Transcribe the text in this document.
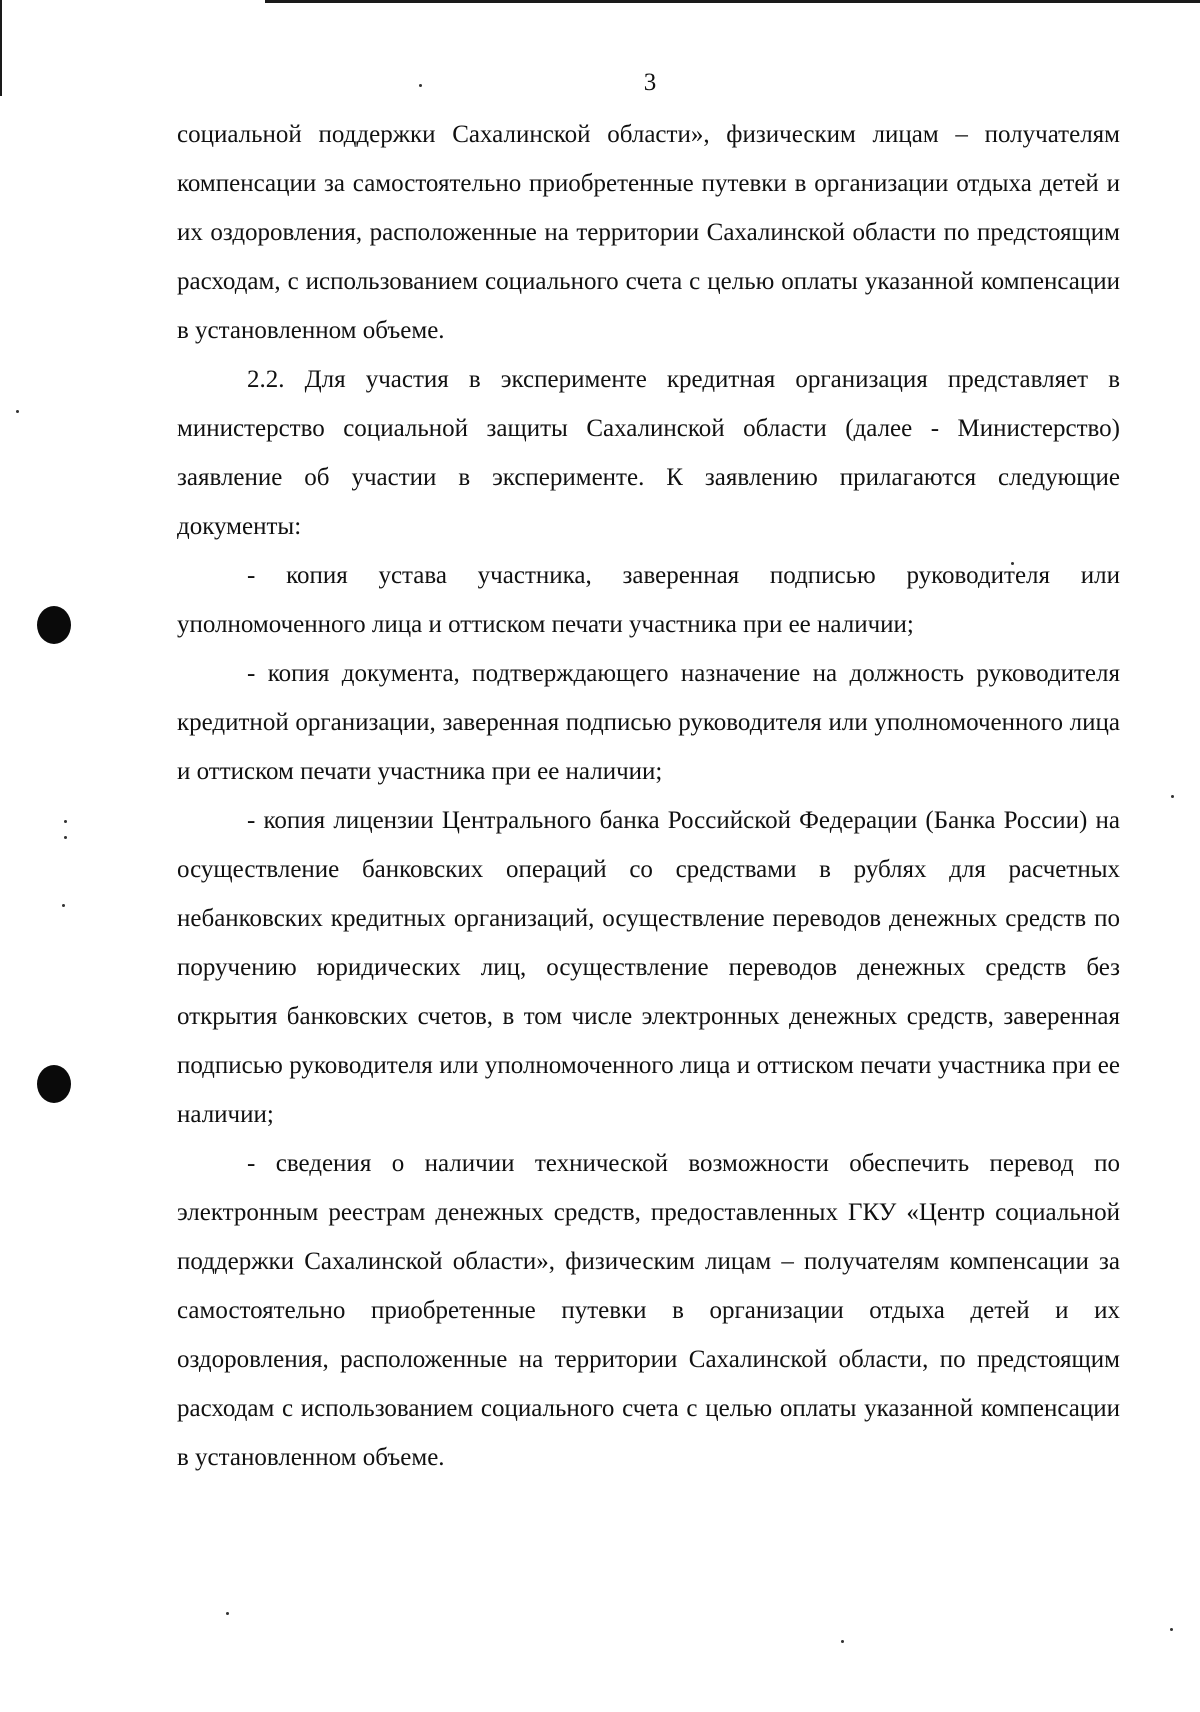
3

социальной поддержки Сахалинской области», физическим лицам – получателям компенсации за самостоятельно приобретенные путевки в организации отдыха детей и их оздоровления, расположенные на территории Сахалинской области по предстоящим расходам, с использованием социального счета с целью оплаты указанной компенсации в установленном объеме.

2.2. Для участия в эксперименте кредитная организация представляет в министерство социальной защиты Сахалинской области (далее - Министерство) заявление об участии в эксперименте. К заявлению прилагаются следующие документы:

- копия устава участника, заверенная подписью руководителя или уполномоченного лица и оттиском печати участника при ее наличии;

- копия документа, подтверждающего назначение на должность руководителя кредитной организации, заверенная подписью руководителя или уполномоченного лица и оттиском печати участника при ее наличии;

- копия лицензии Центрального банка Российской Федерации (Банка России) на осуществление банковских операций со средствами в рублях для расчетных небанковских кредитных организаций, осуществление переводов денежных средств по поручению юридических лиц, осуществление переводов денежных средств без открытия банковских счетов, в том числе электронных денежных средств, заверенная подписью руководителя или уполномоченного лица и оттиском печати участника при ее наличии;

- сведения о наличии технической возможности обеспечить перевод по электронным реестрам денежных средств, предоставленных ГКУ «Центр социальной поддержки Сахалинской области», физическим лицам – получателям компенсации за самостоятельно приобретенные путевки в организации отдыха детей и их оздоровления, расположенные на территории Сахалинской области, по предстоящим расходам с использованием социального счета с целью оплаты указанной компенсации в установленном объеме.
